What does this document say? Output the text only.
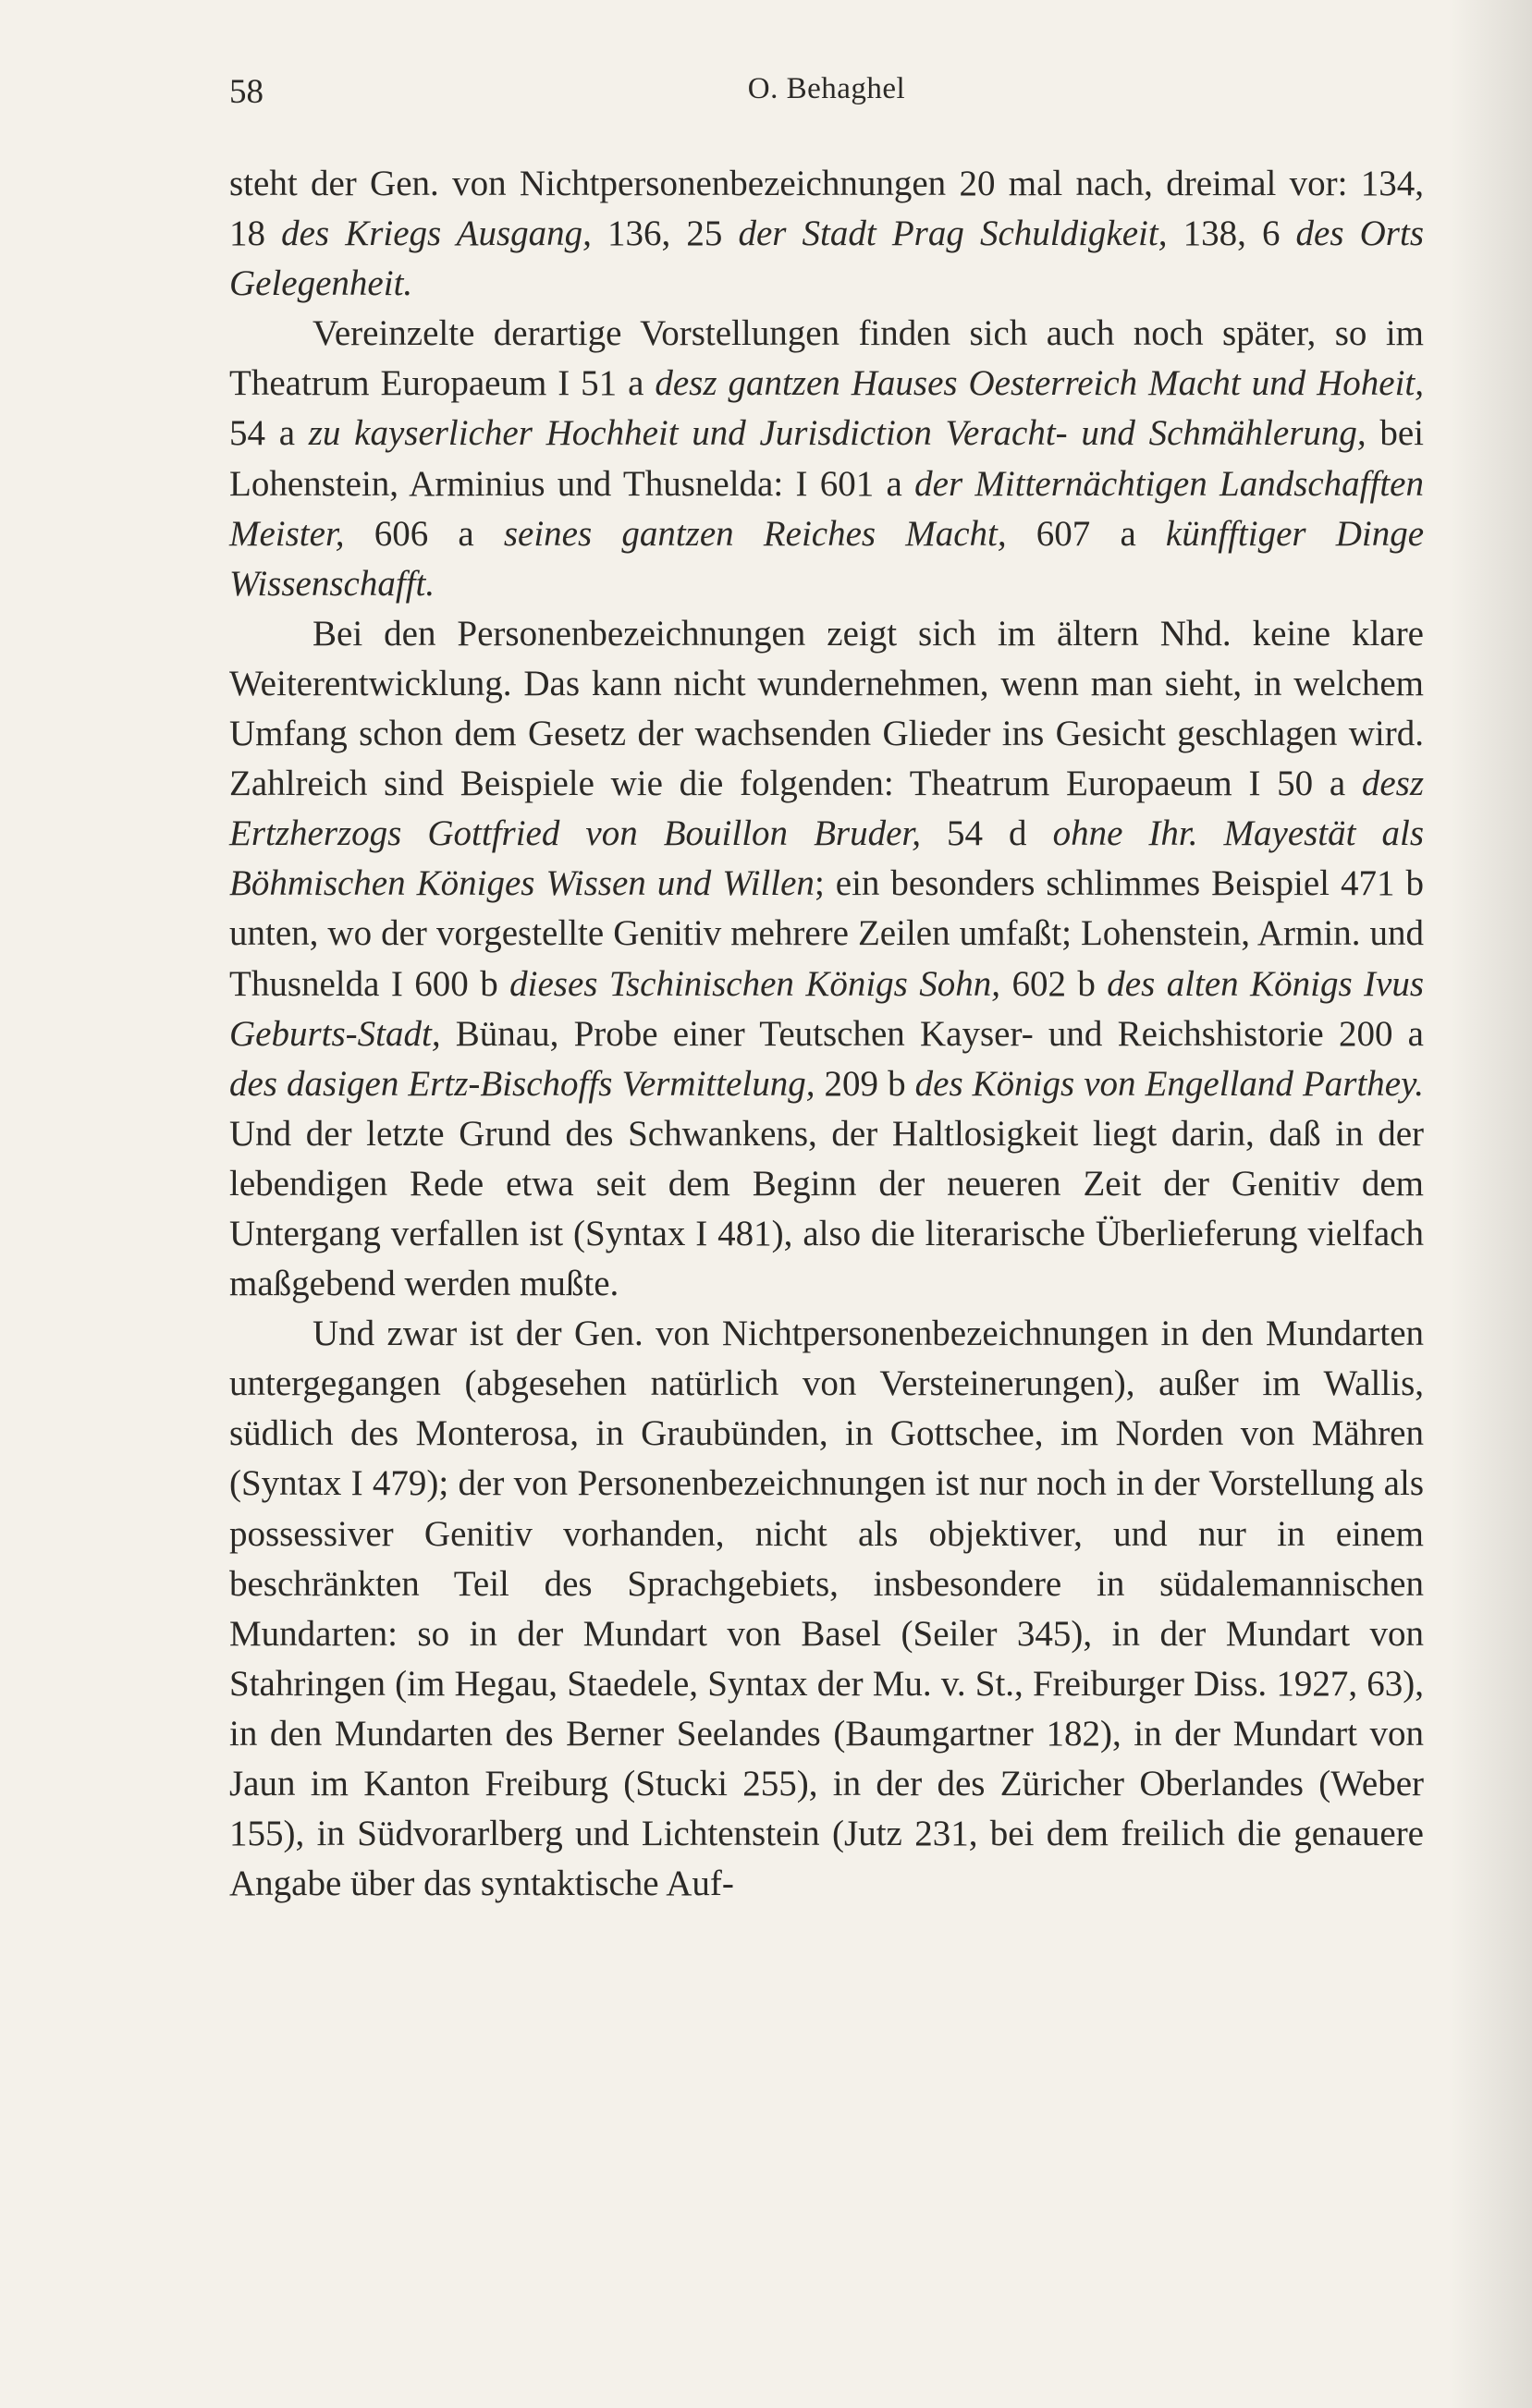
58	O. Behaghel

steht der Gen. von Nichtpersonenbezeichnungen 20 mal nach, dreimal vor: 134, 18 des Kriegs Ausgang, 136, 25 der Stadt Prag Schuldigkeit, 138, 6 des Orts Gelegenheit.

Vereinzelte derartige Vorstellungen finden sich auch noch später, so im Theatrum Europaeum I 51 a desz gantzen Hauses Oesterreich Macht und Hoheit, 54 a zu kayserlicher Hochheit und Jurisdiction Veracht- und Schmählerung, bei Lohenstein, Arminius und Thusnelda: I 601 a der Mitternächtigen Landschafften Meister, 606 a seines gantzen Reiches Macht, 607 a künfftiger Dinge Wissenschafft.

Bei den Personenbezeichnungen zeigt sich im ältern Nhd. keine klare Weiterentwicklung. Das kann nicht wundernehmen, wenn man sieht, in welchem Umfang schon dem Gesetz der wachsenden Glieder ins Gesicht geschlagen wird. Zahlreich sind Beispiele wie die folgenden: Theatrum Europaeum I 50 a desz Ertzherzogs Gottfried von Bouillon Bruder, 54 d ohne Ihr. Mayestät als Böhmischen Königes Wissen und Willen; ein besonders schlimmes Beispiel 471 b unten, wo der vorgestellte Genitiv mehrere Zeilen umfaßt; Lohenstein, Armin. und Thusnelda I 600 b dieses Tschinischen Königs Sohn, 602 b des alten Königs Ivus Geburts-Stadt, Bünau, Probe einer Teutschen Kayser- und Reichshistorie 200 a des dasigen Ertz-Bischoffs Vermittelung, 209 b des Königs von Engelland Parthey. Und der letzte Grund des Schwankens, der Haltlosigkeit liegt darin, daß in der lebendigen Rede etwa seit dem Beginn der neueren Zeit der Genitiv dem Untergang verfallen ist (Syntax I 481), also die literarische Überlieferung vielfach maßgebend werden mußte.

Und zwar ist der Gen. von Nichtpersonenbezeichnungen in den Mundarten untergegangen (abgesehen natürlich von Versteinerungen), außer im Wallis, südlich des Monterosa, in Graubünden, in Gottschee, im Norden von Mähren (Syntax I 479); der von Personenbezeichnungen ist nur noch in der Vorstellung als possessiver Genitiv vorhanden, nicht als objektiver, und nur in einem beschränkten Teil des Sprachgebiets, insbesondere in südalemannischen Mundarten: so in der Mundart von Basel (Seiler 345), in der Mundart von Stahringen (im Hegau, Staedele, Syntax der Mu. v. St., Freiburger Diss. 1927, 63), in den Mundarten des Berner Seelandes (Baumgartner 182), in der Mundart von Jaun im Kanton Freiburg (Stucki 255), in der des Züricher Oberlandes (Weber 155), in Südvorarlberg und Lichtenstein (Jutz 231, bei dem freilich die genauere Angabe über das syntaktische Auf-
